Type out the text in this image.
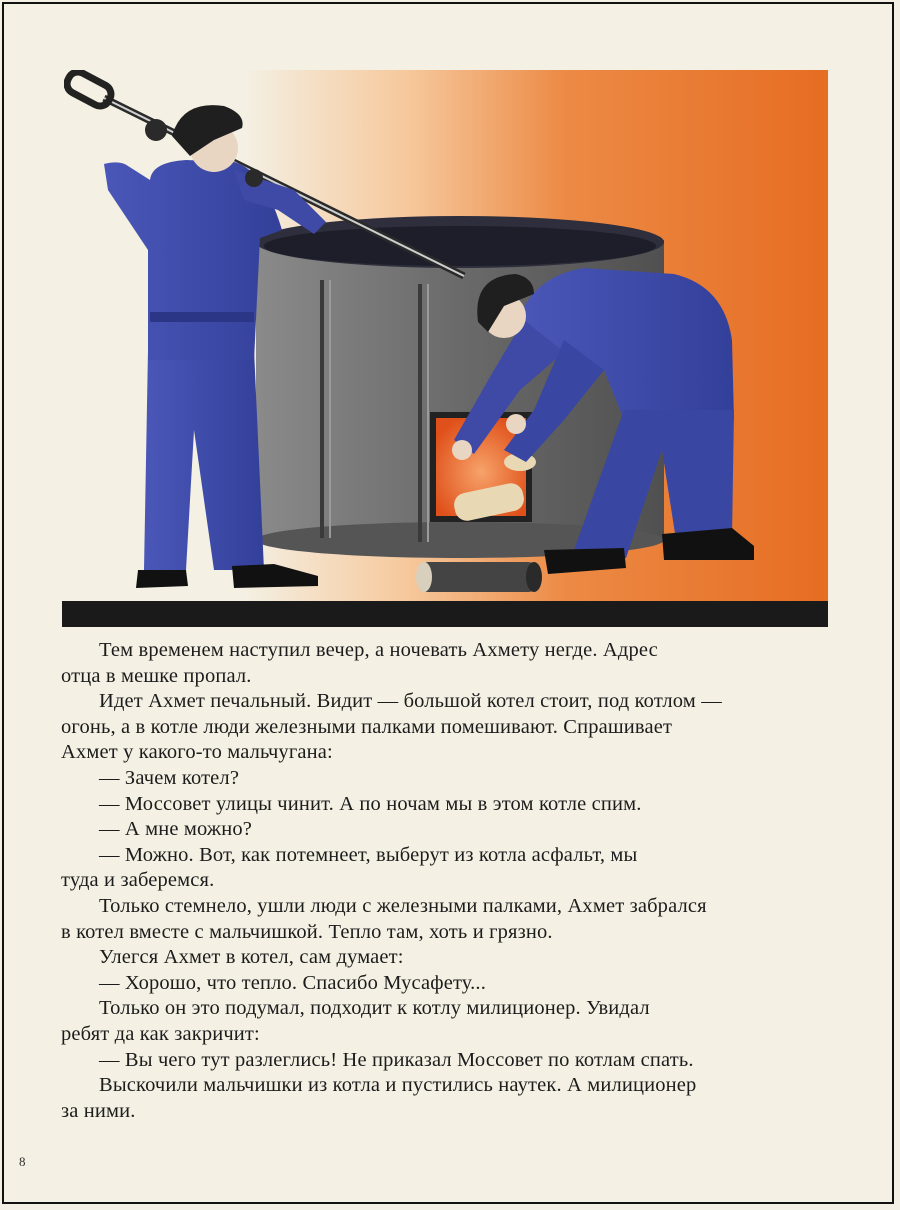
Тем временем наступил вечер, а ночевать Ахмету негде. Адрес

отца в мешке пропал.

Идет Ахмет печальный. Видит — большой котел стоит, под котлом —

огонь, а в котле люди железными палками помешивают. Спрашивает

Ахмет у какого-то мальчугана:

— Зачем котел?

— Моссовет улицы чинит. А по ночам мы в этом котле спим.

— А мне можно?

— Можно. Вот, как потемнеет, выберут из котла асфальт, мы

туда и заберемся.

Только стемнело, ушли люди с железными палками, Ахмет забрался

в котел вместе с мальчишкой. Тепло там, хоть и грязно.

Улегся Ахмет в котел, сам думает:

— Хорошо, что тепло. Спасибо Мусафету...

Только он это подумал, подходит к котлу милиционер. Увидал

ребят да как закричит:

— Вы чего тут разлеглись! Не приказал Моссовет по котлам спать.

Выскочили мальчишки из котла и пустились наутек. А милиционер

за ними.

8
